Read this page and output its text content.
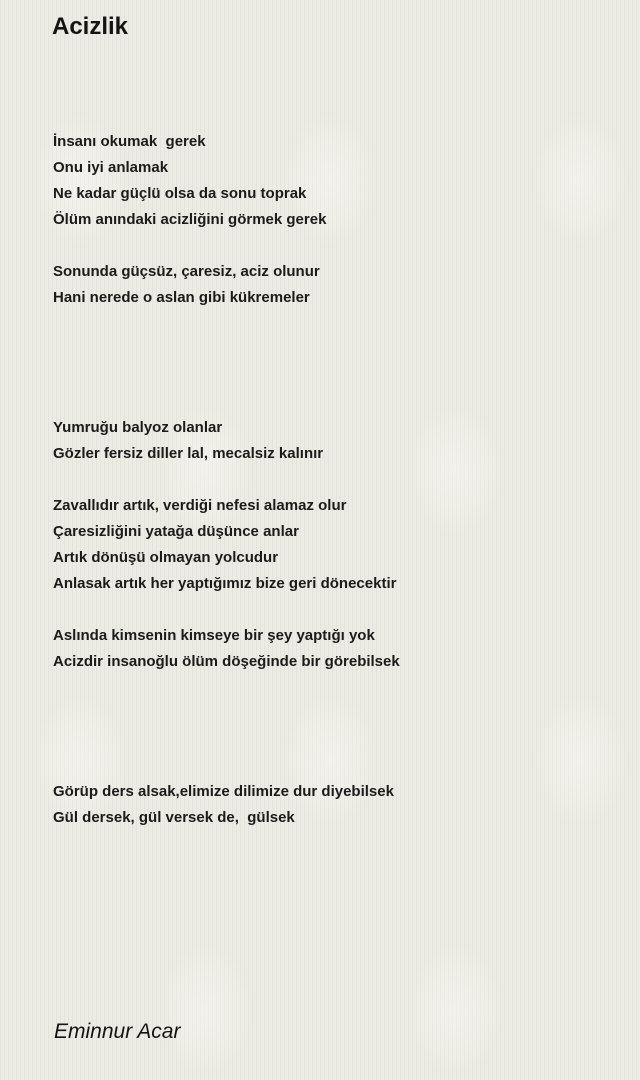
Acizlik
İnsanı okumak  gerek
Onu iyi anlamak
Ne kadar güçlü olsa da sonu toprak
Ölüm anındaki acizliğini görmek gerek
Sonunda güçsüz, çaresiz, aciz olunur
Hani nerede o aslan gibi kükremeler
Yumruğu balyoz olanlar
Gözler fersiz diller lal, mecalsiz kalınır
Zavallıdır artık, verdiği nefesi alamaz olur
Çaresizliğini yatağa düşünce anlar
Artık dönüşü olmayan yolcudur
Anlasak artık her yaptığımız bize geri dönecektir
Aslında kimsenin kimseye bir şey yaptığı yok
Acizdir insanoğlu ölüm döşeğinde bir görebilsek
Görüp ders alsak,elimize dilimize dur diyebilsek
Gül dersek, gül versek de,  gülsek
Eminnur Acar
